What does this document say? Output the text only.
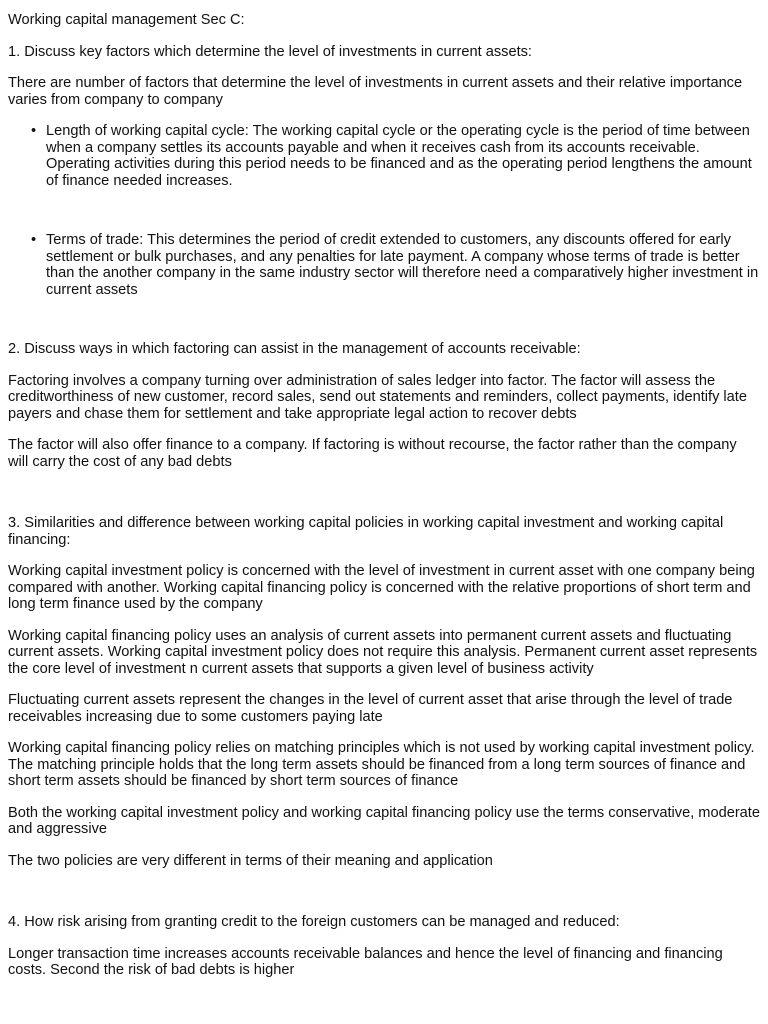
Working capital management Sec C:

1. Discuss key factors which determine the level of investments in current assets:

There are number of factors that determine the level of investments in current assets and their relative importance varies from company to company

• Length of working capital cycle: The working capital cycle or the operating cycle is the period of time between when a company settles its accounts payable and when it receives cash from its accounts receivable. Operating activities during this period needs to be financed and as the operating period lengthens the amount of finance needed increases.
• Terms of trade: This determines the period of credit extended to customers, any discounts offered for early settlement or bulk purchases, and any penalties for late payment. A company whose terms of trade is better than the another company in the same industry sector will therefore need a comparatively higher investment in current assets

2. Discuss ways in which factoring can assist in the management of accounts receivable:

Factoring involves a company turning over administration of sales ledger into factor. The factor will assess the creditworthiness of new customer, record sales, send out statements and reminders, collect payments, identify late payers and chase them for settlement and take appropriate legal action to recover debts

The factor will also offer finance to a company. If factoring is without recourse, the factor rather than the company will carry the cost of any bad debts

3. Similarities and difference between working capital policies in working capital investment and working capital financing:

Working capital investment policy is concerned with the level of investment in current asset with one company being compared with another. Working capital financing policy is concerned with the relative proportions of short term and long term finance used by the company

Working capital financing policy uses an analysis of current assets into permanent current assets and fluctuating current assets. Working capital investment policy does not require this analysis. Permanent current asset represents the core level of investment n current assets that supports a given level of business activity

Fluctuating current assets represent the changes in the level of current asset that arise through the level of trade receivables increasing due to some customers paying late

Working capital financing policy relies on matching principles which is not used by working capital investment policy. The matching principle holds that the long term assets should be financed from a long term sources of finance and short term assets should be financed by short term sources of finance

Both the working capital investment policy and working capital financing policy use the terms conservative, moderate and aggressive

The two policies are very different in terms of their meaning and application

4. How risk arising from granting credit to the foreign customers can be managed and reduced:

Longer transaction time increases accounts receivable balances and hence the level of financing and financing costs. Second the risk of bad debts is higher
